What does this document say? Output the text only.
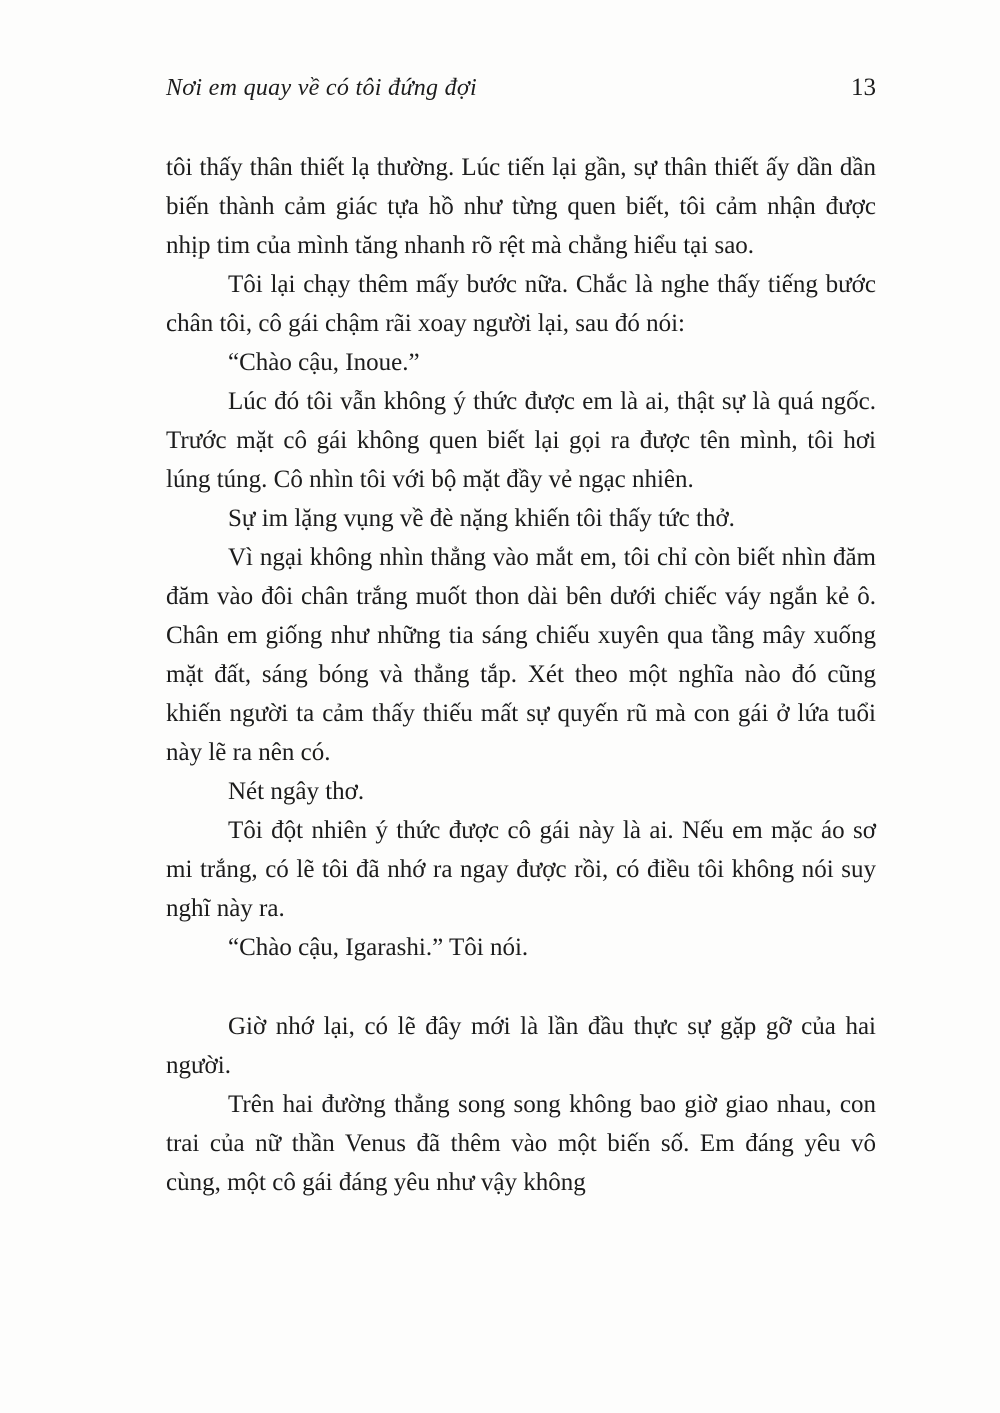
Nơi em quay về có tôi đứng đợi	13

tôi thấy thân thiết lạ thường. Lúc tiến lại gần, sự thân thiết ấy dần dần biến thành cảm giác tựa hồ như từng quen biết, tôi cảm nhận được nhịp tim của mình tăng nhanh rõ rệt mà chẳng hiểu tại sao.

Tôi lại chạy thêm mấy bước nữa. Chắc là nghe thấy tiếng bước chân tôi, cô gái chậm rãi xoay người lại, sau đó nói:

“Chào cậu, Inoue.”

Lúc đó tôi vẫn không ý thức được em là ai, thật sự là quá ngốc. Trước mặt cô gái không quen biết lại gọi ra được tên mình, tôi hơi lúng túng. Cô nhìn tôi với bộ mặt đầy vẻ ngạc nhiên.

Sự im lặng vụng về đè nặng khiến tôi thấy tức thở.

Vì ngại không nhìn thẳng vào mắt em, tôi chỉ còn biết nhìn đăm đăm vào đôi chân trắng muốt thon dài bên dưới chiếc váy ngắn kẻ ô. Chân em giống như những tia sáng chiếu xuyên qua tầng mây xuống mặt đất, sáng bóng và thẳng tắp. Xét theo một nghĩa nào đó cũng khiến người ta cảm thấy thiếu mất sự quyến rũ mà con gái ở lứa tuổi này lẽ ra nên có.

Nét ngây thơ.

Tôi đột nhiên ý thức được cô gái này là ai. Nếu em mặc áo sơ mi trắng, có lẽ tôi đã nhớ ra ngay được rồi, có điều tôi không nói suy nghĩ này ra.

“Chào cậu, Igarashi.” Tôi nói.

Giờ nhớ lại, có lẽ đây mới là lần đầu thực sự gặp gỡ của hai người.

Trên hai đường thẳng song song không bao giờ giao nhau, con trai của nữ thần Venus đã thêm vào một biến số. Em đáng yêu vô cùng, một cô gái đáng yêu như vậy không
